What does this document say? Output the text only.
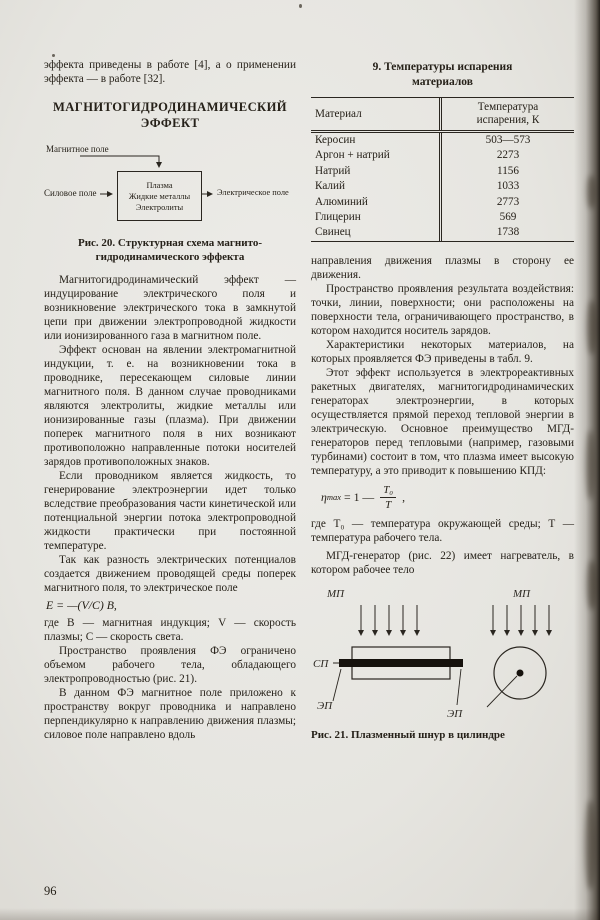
эффекта приведены в работе [4], а о применении эффекта — в работе [32].

МАГНИТОГИДРОДИНАМИЧЕСКИЙ
ЭФФЕКТ
Магнитное поле
Силовое поле	Электрическое поле
Плазма
Жидкие металлы
Электролиты
Рис. 20. Структурная схема магнито-гидродинамического эффекта

Магнитогидродинамический эффект — индуцирование электрического поля и возникновение электрического тока в замкнутой цепи при движении электропроводной жидкости или ионизированного газа в магнитном поле.

Эффект основан на явлении электромагнитной индукции, т. е. на возникновении тока в проводнике, пересекающем силовые линии магнитного поля. В данном случае проводниками являются электролиты, жидкие металлы или ионизированные газы (плазма). При движении поперек магнитного поля в них возникают противоположно направленные потоки носителей зарядов противоположных знаков.

Если проводником является жидкость, то генерирование электроэнергии идет только вследствие преобразования части кинетической или потенциальной энергии потока электропроводной жидкости практически при постоянной температуре.

Так как разность электрических потенциалов создается движением проводящей среды поперек магнитного поля, то электрическое поле

E = —(V/C) B,

где B — магнитная индукция; V — скорость плазмы; C — скорость света.

Пространство проявления ФЭ ограничено объемом рабочего тела, обладающего электропроводностью (рис. 21).

В данном ФЭ магнитное поле приложено к пространству вокруг проводника и направлено перпендикулярно к направлению движения плазмы; силовое поле направлено вдоль

9. Температуры испарения материалов
Материал
Температура
испарения, К
Керосин	503—573
Аргон + натрий	2273
Натрий	1156
Калий	1033
Алюминий	2773
Глицерин	569
Свинец	1738

направления движения плазмы в сторону ее движения.

Пространство проявления результата воздействия: точки, линии, поверхности; они расположены на поверхности тела, ограничивающего пространство, в котором находится носитель зарядов.

Характеристики некоторых материалов, на которых проявляется ФЭ приведены в табл. 9.

Этот эффект используется в электрореактивных ракетных двигателях, магнитогидродинамических генераторах электроэнергии, в которых осуществляется прямой переход тепловой энергии в электрическую. Основное преимущество МГД-генераторов перед тепловыми (например, газовыми турбинами) состоит в том, что плазма имеет высокую температуру, а это приводит к повышению КПД:

η max = 1 — $\frac{\text{T₀}}{T}$ ,

где T₀ — температура окружающей среды; T — температура рабочего тела.

МГД-генератор (рис. 22) имеет нагреватель, в котором рабочее тело

МП	МП
СП
ЭП
ЭП
Рис. 21. Плазменный шнур в цилиндре
96
